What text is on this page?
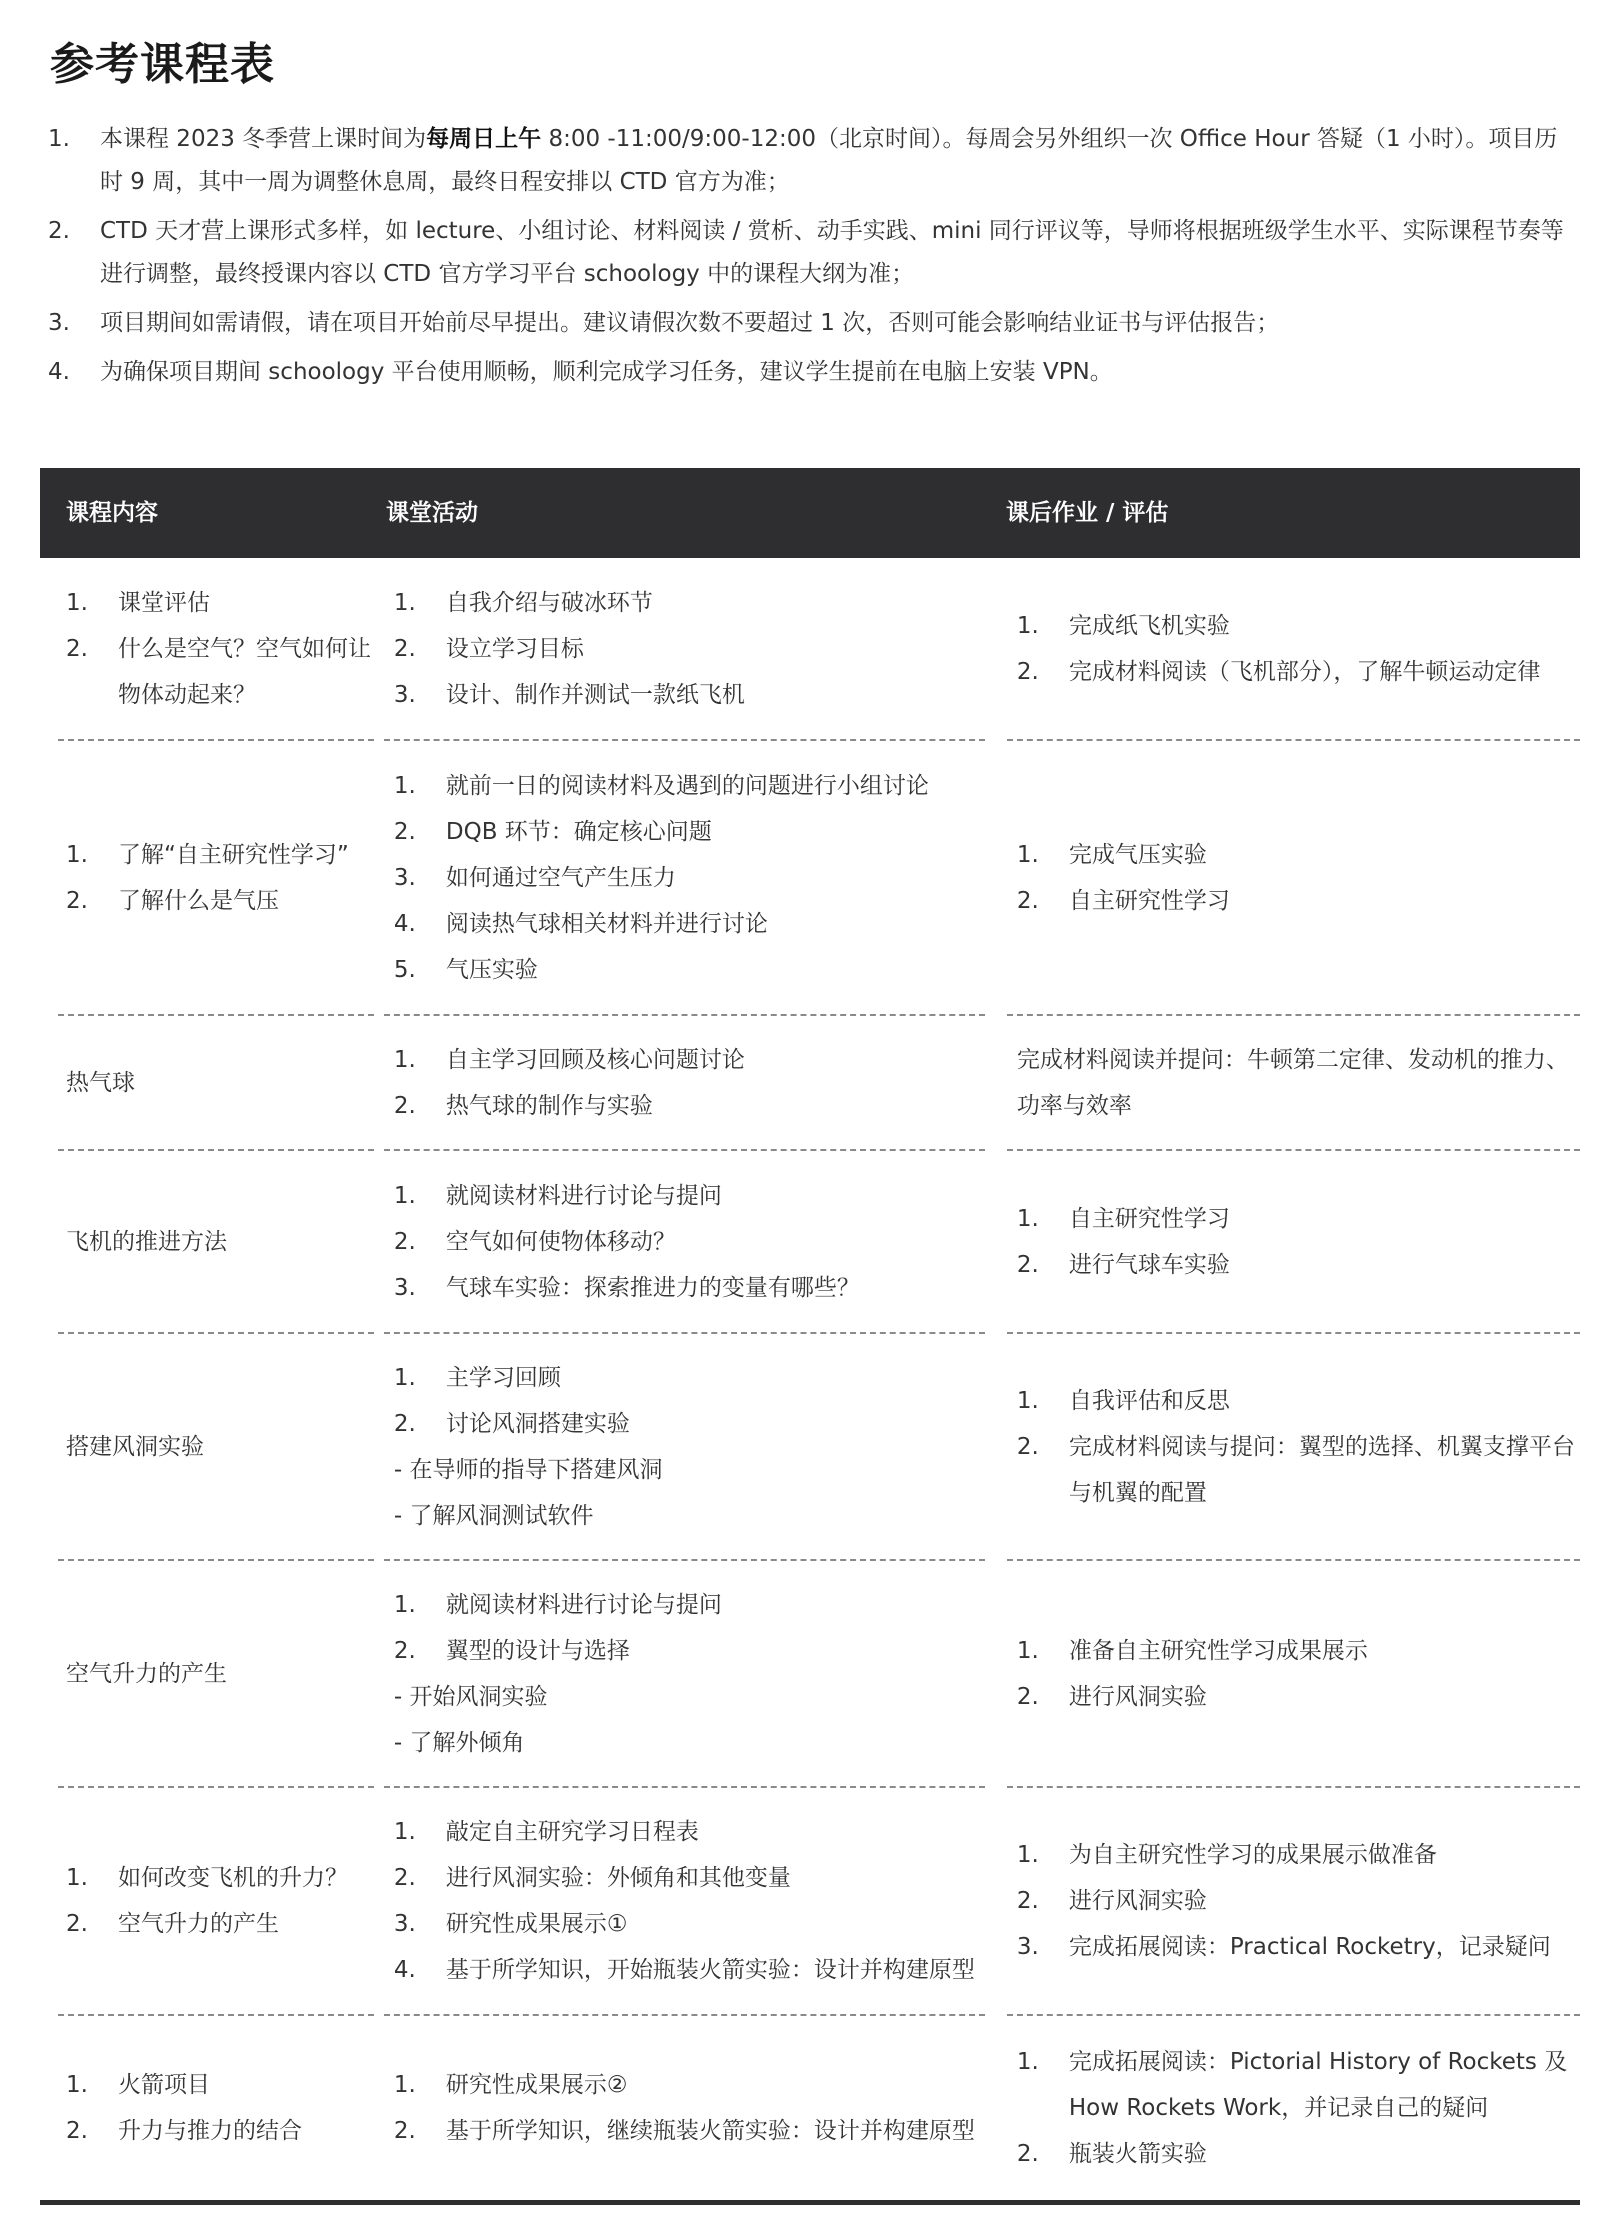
参考课程表
1. 本课程 2023 冬季营上课时间为每周日上午 8:00 -11:00/9:00-12:00（北京时间）。每周会另外组织一次 Office Hour 答疑（1 小时）。项目历时 9 周，其中一周为调整休息周，最终日程安排以 CTD 官方为准；
2. CTD 天才营上课形式多样，如 lecture、小组讨论、材料阅读 / 赏析、动手实践、mini 同行评议等，导师将根据班级学生水平、实际课程节奏等进行调整，最终授课内容以 CTD 官方学习平台 schoology 中的课程大纲为准；
3. 项目期间如需请假，请在项目开始前尽早提出。建议请假次数不要超过 1 次，否则可能会影响结业证书与评估报告；
4. 为确保项目期间 schoology 平台使用顺畅，顺利完成学习任务，建议学生提前在电脑上安装 VPN。
课程内容	课堂活动	课后作业 / 评估
1. 课堂评估
2. 什么是空气？空气如何让物体动起来？
1. 自我介绍与破冰环节
2. 设立学习目标
3. 设计、制作并测试一款纸飞机
1. 完成纸飞机实验
2. 完成材料阅读（飞机部分），了解牛顿运动定律
1. 了解“自主研究性学习”
2. 了解什么是气压
1. 就前一日的阅读材料及遇到的问题进行小组讨论
2. DQB 环节：确定核心问题
3. 如何通过空气产生压力
4. 阅读热气球相关材料并进行讨论
5. 气压实验
1. 完成气压实验
2. 自主研究性学习
热气球
1. 自主学习回顾及核心问题讨论
2. 热气球的制作与实验
完成材料阅读并提问：牛顿第二定律、发动机的推力、功率与效率
飞机的推进方法
1. 就阅读材料进行讨论与提问
2. 空气如何使物体移动？
3. 气球车实验：探索推进力的变量有哪些？
1. 自主研究性学习
2. 进行气球车实验
搭建风洞实验
1. 主学习回顾
2. 讨论风洞搭建实验
- 在导师的指导下搭建风洞
- 了解风洞测试软件
1. 自我评估和反思
2. 完成材料阅读与提问：翼型的选择、机翼支撑平台与机翼的配置
空气升力的产生
1. 就阅读材料进行讨论与提问
2. 翼型的设计与选择
- 开始风洞实验
- 了解外倾角
1. 准备自主研究性学习成果展示
2. 进行风洞实验
1. 如何改变飞机的升力？
2. 空气升力的产生
1. 敲定自主研究学习日程表
2. 进行风洞实验：外倾角和其他变量
3. 研究性成果展示①
4. 基于所学知识，开始瓶装火箭实验：设计并构建原型
1. 为自主研究性学习的成果展示做准备
2. 进行风洞实验
3. 完成拓展阅读：Practical Rocketry，记录疑问
1. 火箭项目
2. 升力与推力的结合
1. 研究性成果展示②
2. 基于所学知识，继续瓶装火箭实验：设计并构建原型
1. 完成拓展阅读：Pictorial History of Rockets 及 How Rockets Work，并记录自己的疑问
2. 瓶装火箭实验
